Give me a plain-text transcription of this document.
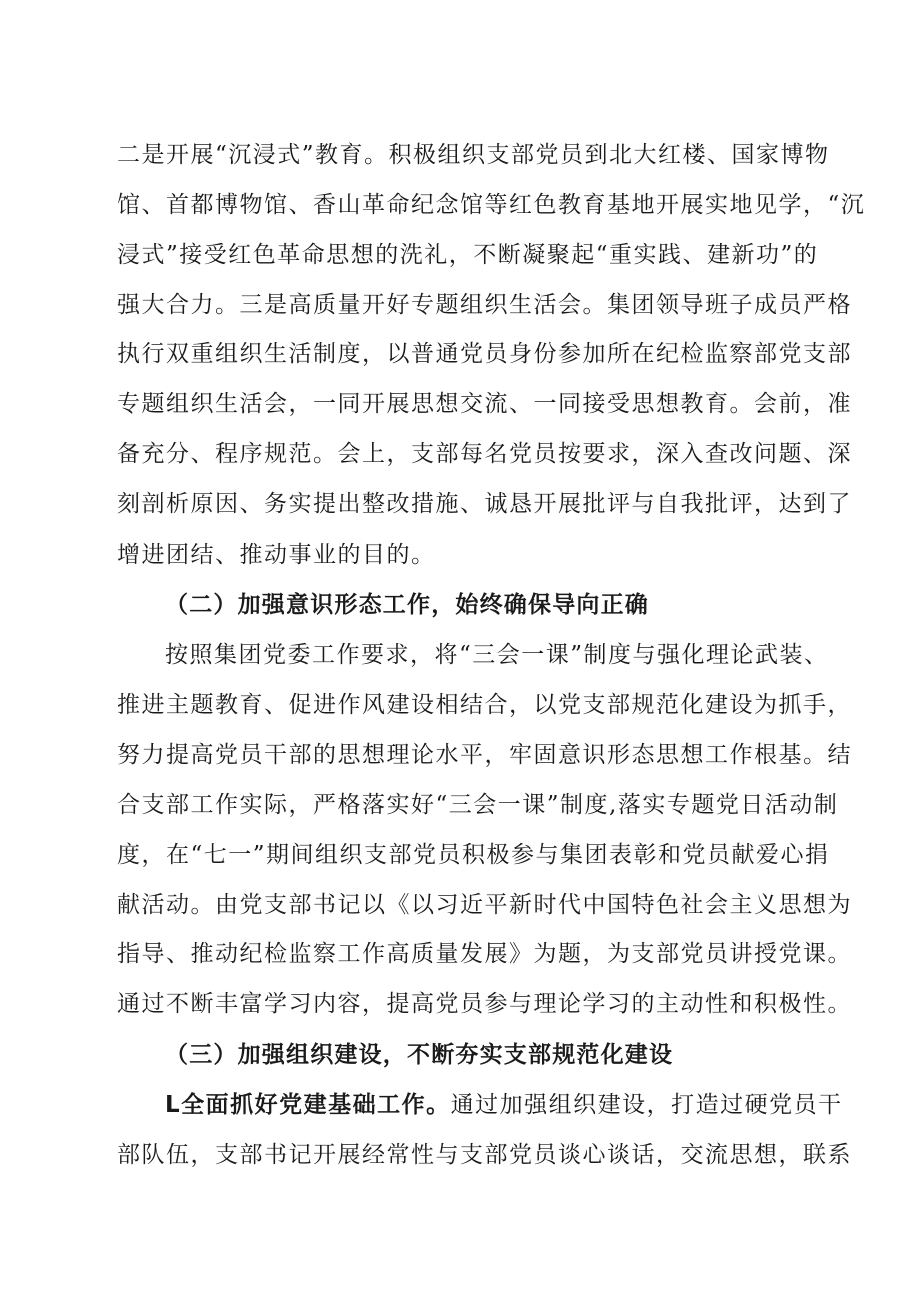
二是开展“沉浸式”教育。积极组织支部党员到北大红楼、国家博物
馆、首都博物馆、香山革命纪念馆等红色教育基地开展实地见学，“沉
浸式”接受红色革命思想的洗礼，不断凝聚起“重实践、建新功”的
强大合力。三是高质量开好专题组织生活会。集团领导班子成员严格
执行双重组织生活制度，以普通党员身份参加所在纪检监察部党支部
专题组织生活会，一同开展思想交流、一同接受思想教育。会前，准
备充分、程序规范。会上，支部每名党员按要求，深入查改问题、深
刻剖析原因、务实提出整改措施、诚恳开展批评与自我批评，达到了
增进团结、推动事业的目的。
（二）加强意识形态工作，始终确保导向正确
按照集团党委工作要求，将“三会一课”制度与强化理论武装、
推进主题教育、促进作风建设相结合，以党支部规范化建设为抓手，
努力提高党员干部的思想理论水平，牢固意识形态思想工作根基。结
合支部工作实际，严格落实好“三会一课”制度,落实专题党日活动制
度，在“七一”期间组织支部党员积极参与集团表彰和党员献爱心捐
献活动。由党支部书记以《以习近平新时代中国特色社会主义思想为
指导、推动纪检监察工作高质量发展》为题，为支部党员讲授党课。
通过不断丰富学习内容，提高党员参与理论学习的主动性和积极性。
（三）加强组织建设，不断夯实支部规范化建设
L全面抓好党建基础工作。通过加强组织建设，打造过硬党员干
部队伍，支部书记开展经常性与支部党员谈心谈话，交流思想，联系
